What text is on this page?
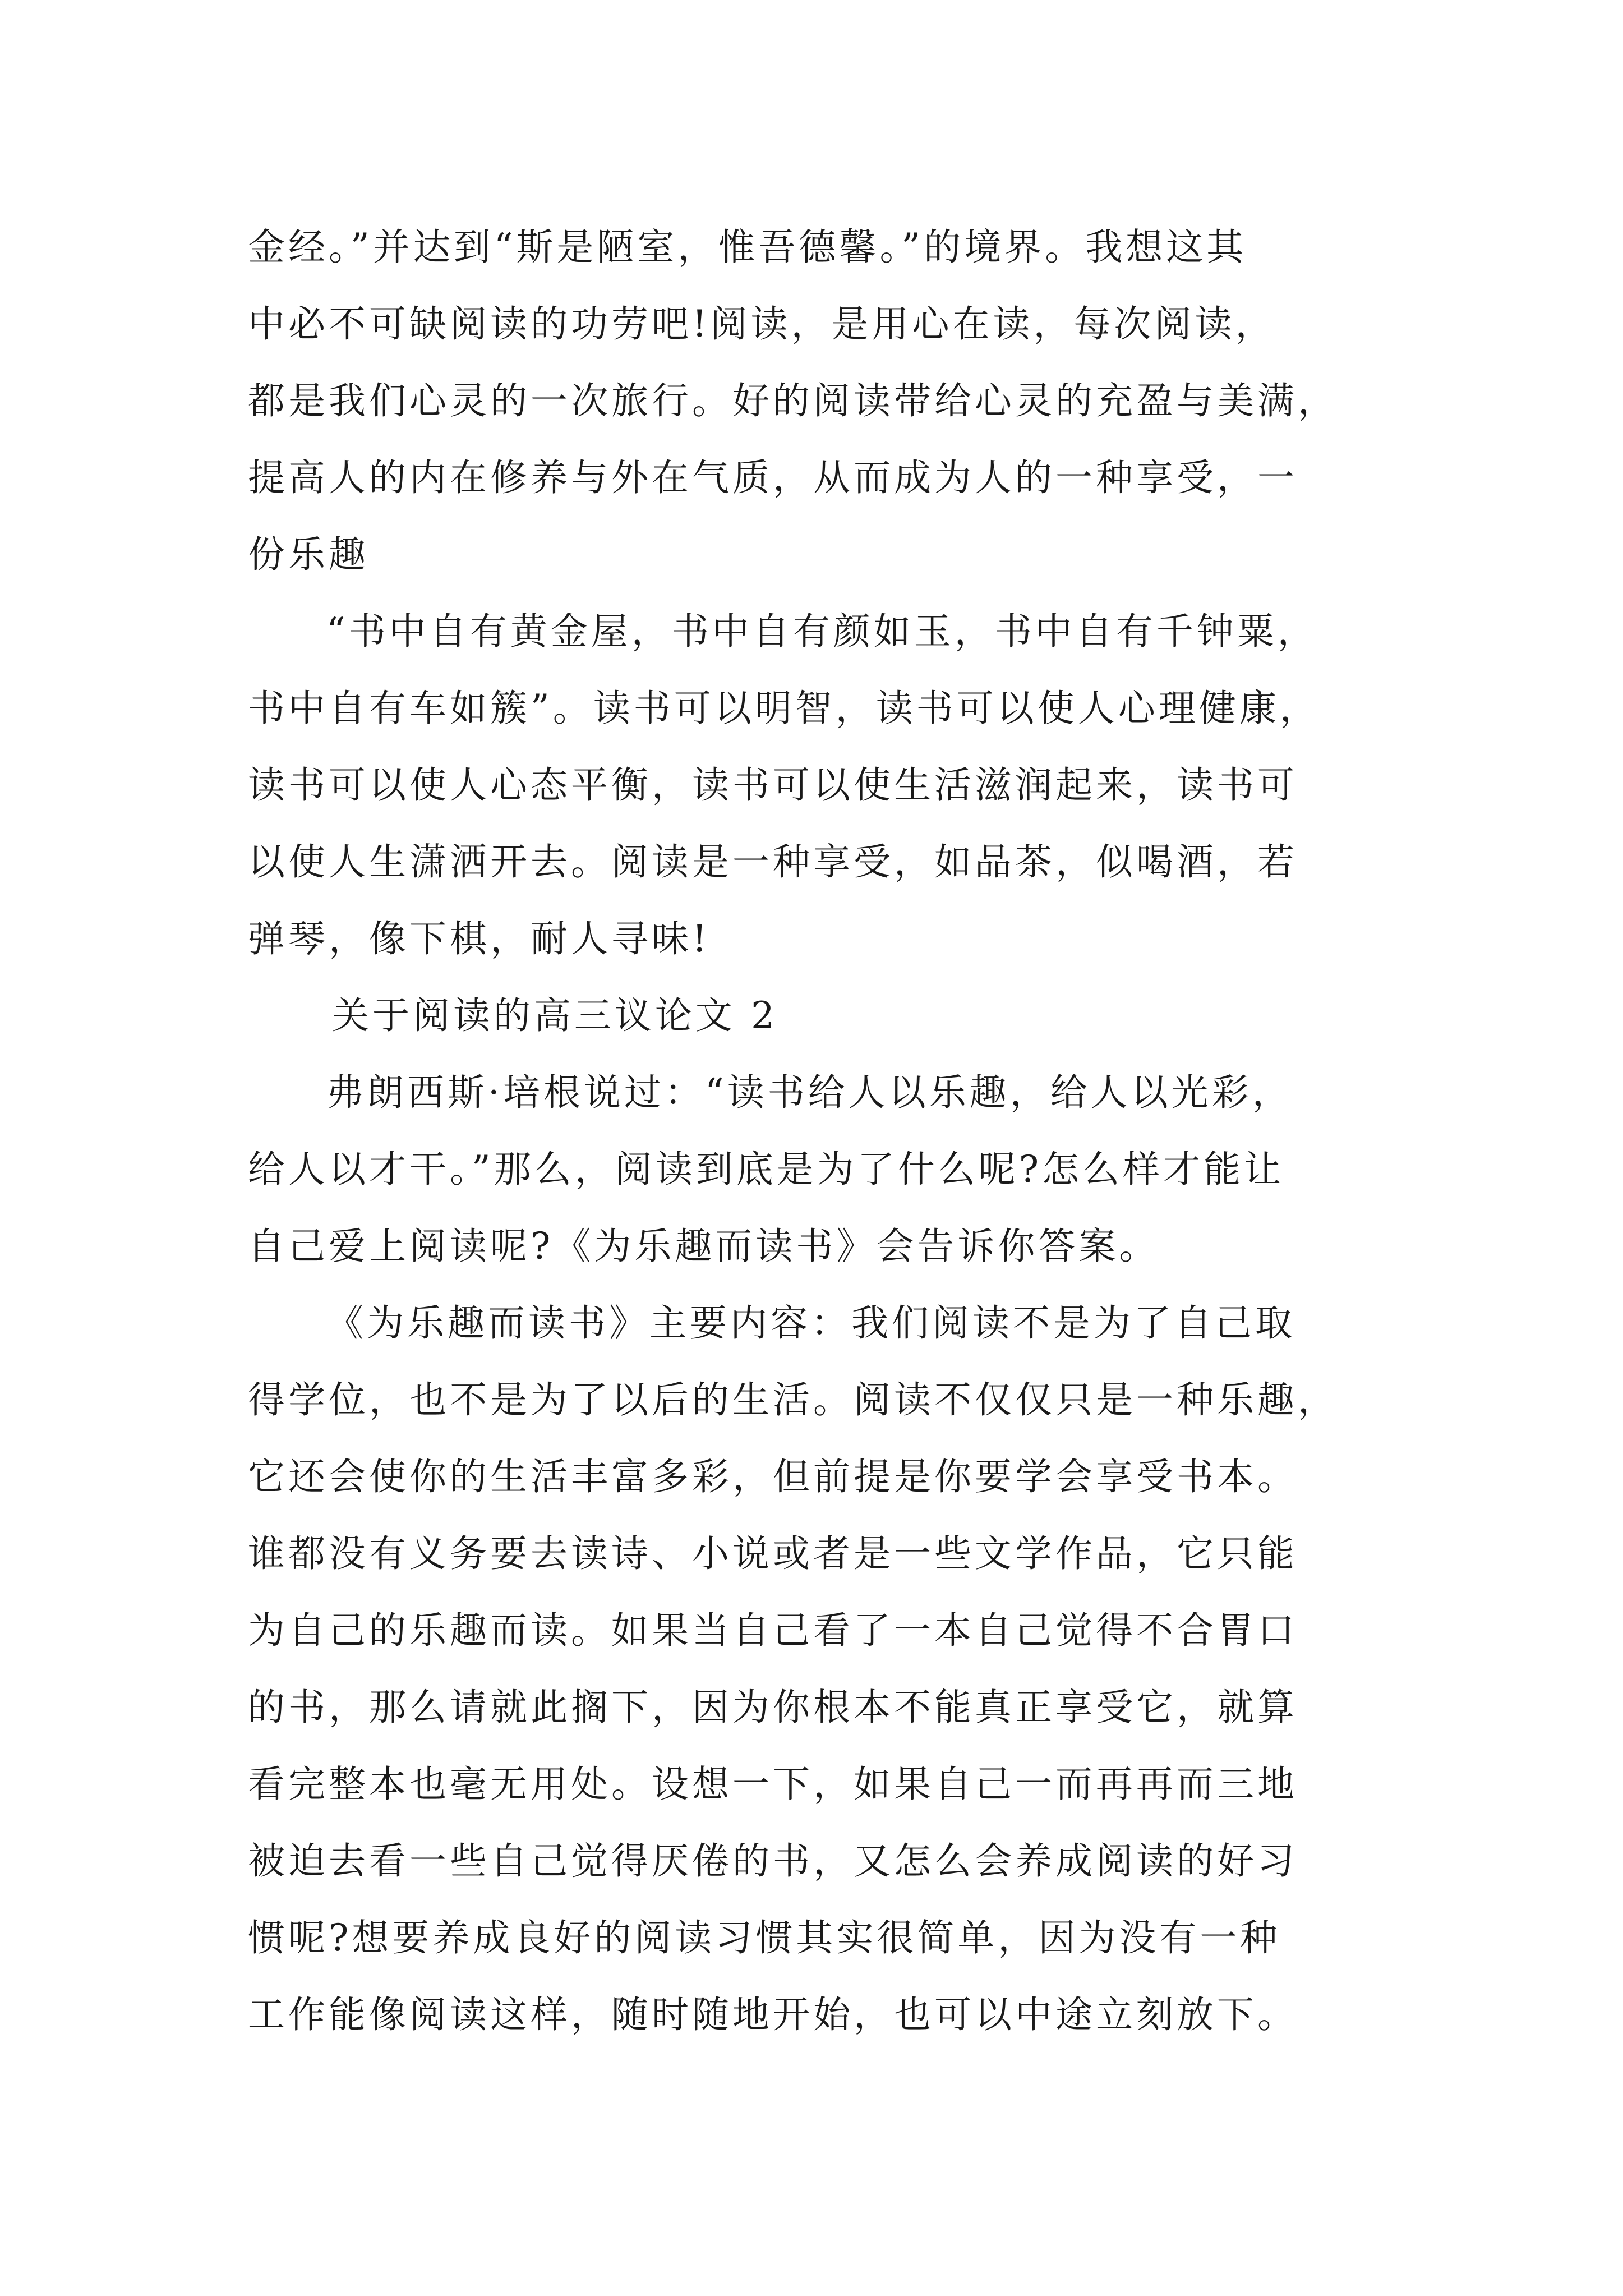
金经。”并达到“斯是陋室，惟吾德馨。”的境界。我想这其
中必不可缺阅读的功劳吧!阅读，是用心在读，每次阅读，
都是我们心灵的一次旅行。好的阅读带给心灵的充盈与美满，
提高人的内在修养与外在气质，从而成为人的一种享受，一
份乐趣
“书中自有黄金屋，书中自有颜如玉，书中自有千钟粟，
书中自有车如簇”。读书可以明智，读书可以使人心理健康，
读书可以使人心态平衡，读书可以使生活滋润起来，读书可
以使人生潇洒开去。阅读是一种享受，如品茶，似喝酒，若
弹琴，像下棋，耐人寻味!
关于阅读的高三议论文 2
弗朗西斯·培根说过：“读书给人以乐趣，给人以光彩，
给人以才干。”那么，阅读到底是为了什么呢?怎么样才能让
自己爱上阅读呢?《为乐趣而读书》会告诉你答案。
《为乐趣而读书》主要内容：我们阅读不是为了自己取
得学位，也不是为了以后的生活。阅读不仅仅只是一种乐趣，
它还会使你的生活丰富多彩，但前提是你要学会享受书本。
谁都没有义务要去读诗、小说或者是一些文学作品，它只能
为自己的乐趣而读。如果当自己看了一本自己觉得不合胃口
的书，那么请就此搁下，因为你根本不能真正享受它，就算
看完整本也毫无用处。设想一下，如果自己一而再再而三地
被迫去看一些自己觉得厌倦的书，又怎么会养成阅读的好习
惯呢?想要养成良好的阅读习惯其实很简单，因为没有一种
工作能像阅读这样，随时随地开始，也可以中途立刻放下。
